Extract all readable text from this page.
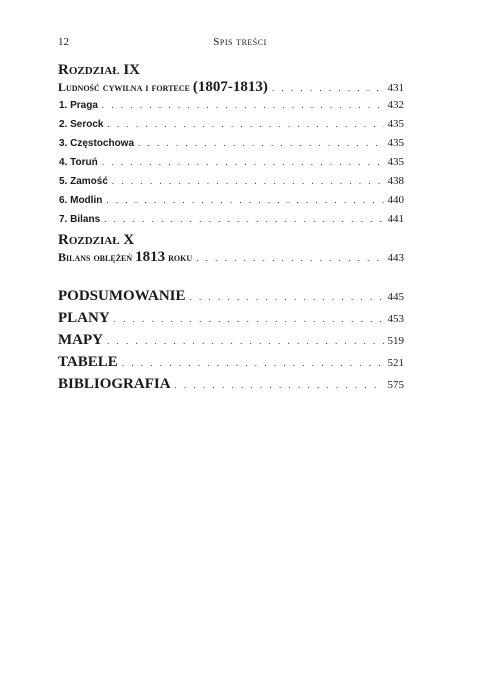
12	Spis treści
Rozdział IX
Ludność cywilna i fortece (1807-1813) . . .	431
1. Praga . . .	432
2. Serock . . .	435
3. Częstochowa . . .	435
4. Toruń . . .	435
5. Zamość . . .	438
6. Modlin . . .	440
7. Bilans . . .	441
Rozdział X
Bilans oblężeń 1813 roku . . .	443
PODSUMOWANIE . . .	445
PLANY . . .	453
MAPY . . .	519
TABELE . . .	521
BIBLIOGRAFIA . . .	575
